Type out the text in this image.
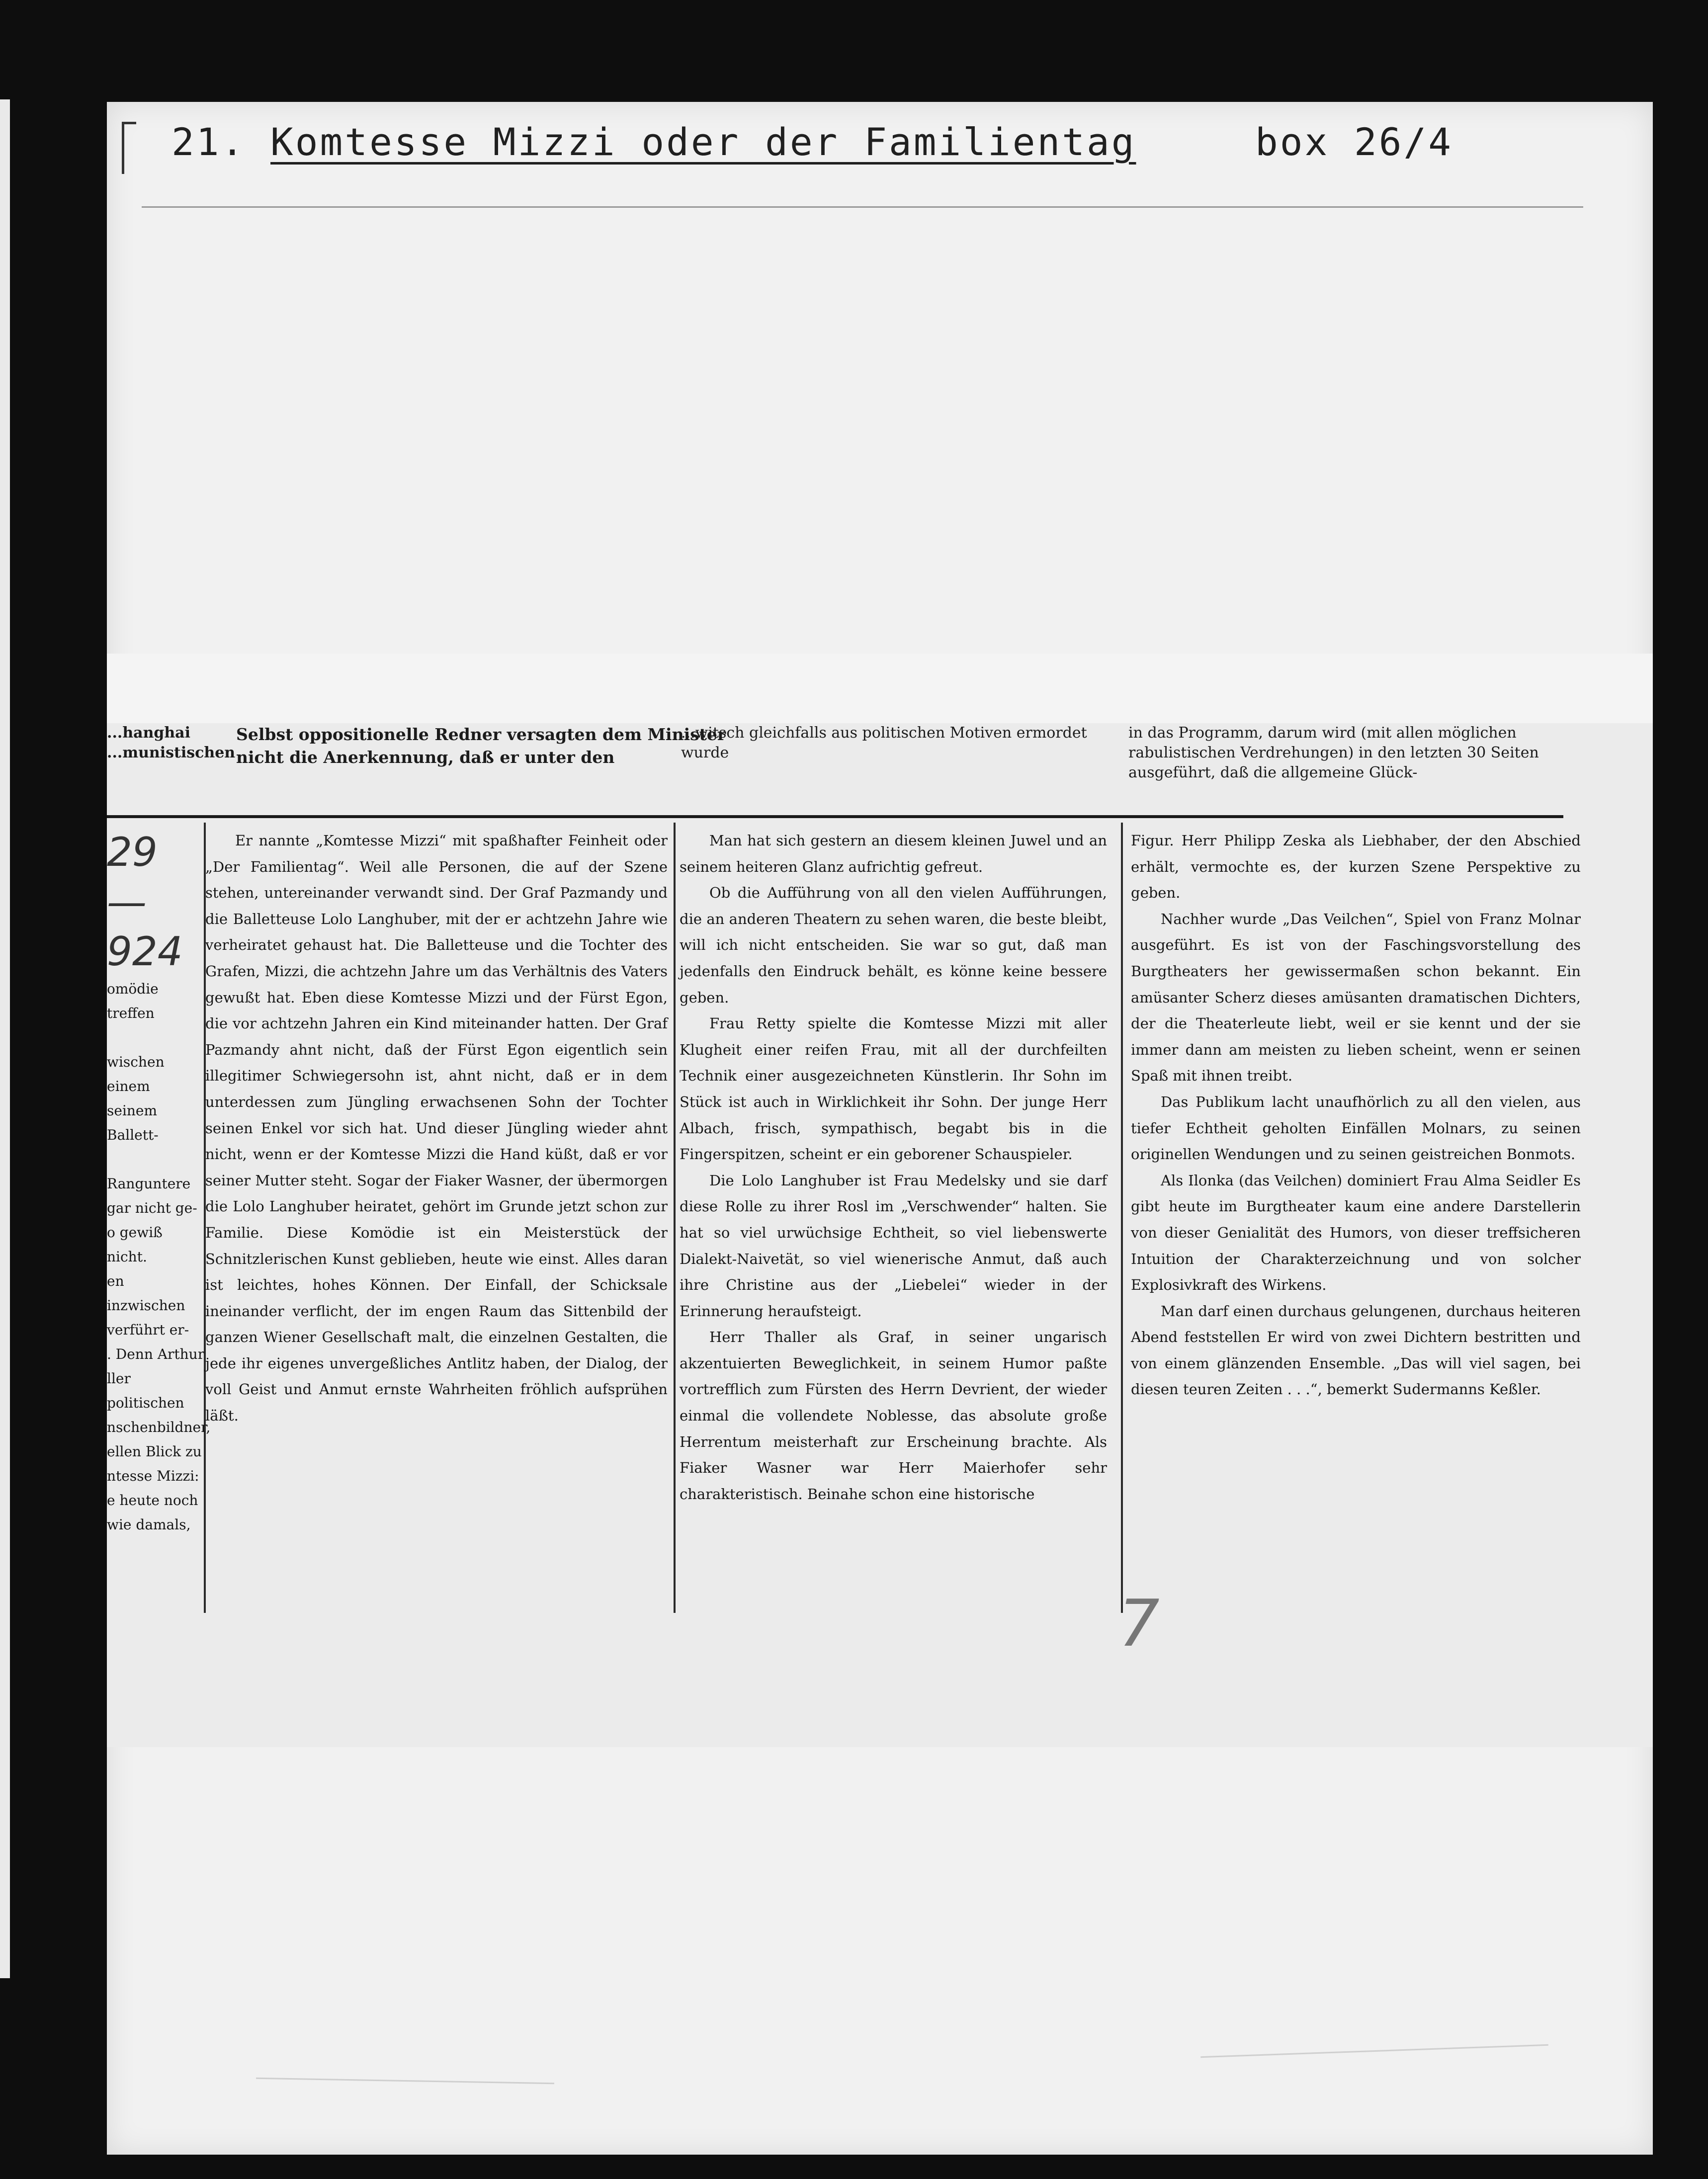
21. Komtesse Mizzi oder der Familientag	box 26/4
...hanghai
...munistischen
Selbst oppositionelle Redner versagten dem Minister nicht die Anerkennung, daß er unter den
...witsch gleichfalls aus politischen Motiven ermordet wurde
in das Programm, darum wird (mit allen möglichen rabulistischen Verdrehungen) in den letzten 30 Seiten ausgeführt, daß die allgemeine Glück-
29
—
924
omödie treffen

wischen einem
seinem Ballett-

Ranguntere
gar nicht ge-
o gewiß nicht.
en inzwischen
verführt er-
. Denn Arthur
ller politischen
nschenbildner,
ellen Blick zu
ntesse Mizzi:
e heute noch
wie damals,

Er nannte „Komtesse Mizzi“ mit spaßhafter Feinheit oder „Der Familientag“. Weil alle Personen, die auf der Szene stehen, untereinander verwandt sind. Der Graf Pazmandy und die Balletteuse Lolo Langhuber, mit der er achtzehn Jahre wie verheiratet gehaust hat. Die Balletteuse und die Tochter des Grafen, Mizzi, die achtzehn Jahre um das Verhältnis des Vaters gewußt hat. Eben diese Komtesse Mizzi und der Fürst Egon, die vor achtzehn Jahren ein Kind miteinander hatten. Der Graf Pazmandy ahnt nicht, daß der Fürst Egon eigentlich sein illegitimer Schwiegersohn ist, ahnt nicht, daß er in dem unterdessen zum Jüngling erwachsenen Sohn der Tochter seinen Enkel vor sich hat. Und dieser Jüngling wieder ahnt nicht, wenn er der Komtesse Mizzi die Hand küßt, daß er vor seiner Mutter steht. Sogar der Fiaker Wasner, der übermorgen die Lolo Langhuber heiratet, gehört im Grunde jetzt schon zur Familie. Diese Komödie ist ein Meisterstück der Schnitzlerischen Kunst geblieben, heute wie einst. Alles daran ist leichtes, hohes Können. Der Einfall, der Schicksale ineinander verflicht, der im engen Raum das Sittenbild der ganzen Wiener Gesellschaft malt, die einzelnen Gestalten, die jede ihr eigenes unvergeßliches Antlitz haben, der Dialog, der voll Geist und Anmut ernste Wahrheiten fröhlich aufsprühen läßt.

Man hat sich gestern an diesem kleinen Juwel und an seinem heiteren Glanz aufrichtig gefreut.

Ob die Aufführung von all den vielen Aufführungen, die an anderen Theatern zu sehen waren, die beste bleibt, will ich nicht entscheiden. Sie war so gut, daß man jedenfalls den Eindruck behält, es könne keine bessere geben.

Frau Retty spielte die Komtesse Mizzi mit aller Klugheit einer reifen Frau, mit all der durchfeilten Technik einer ausgezeichneten Künstlerin. Ihr Sohn im Stück ist auch in Wirklichkeit ihr Sohn. Der junge Herr Albach, frisch, sympathisch, begabt bis in die Fingerspitzen, scheint er ein geborener Schauspieler.

Die Lolo Langhuber ist Frau Medelsky und sie darf diese Rolle zu ihrer Rosl im „Verschwender“ halten. Sie hat so viel urwüchsige Echtheit, so viel liebenswerte Dialekt-Naivetät, so viel wienerische Anmut, daß auch ihre Christine aus der „Liebelei“ wieder in der Erinnerung heraufsteigt.

Herr Thaller als Graf, in seiner ungarisch akzentuierten Beweglichkeit, in seinem Humor paßte vortrefflich zum Fürsten des Herrn Devrient, der wieder einmal die vollendete Noblesse, das absolute große Herrentum meisterhaft zur Erscheinung brachte. Als Fiaker Wasner war Herr Maierhofer sehr charakteristisch. Beinahe schon eine historische

Figur. Herr Philipp Zeska als Liebhaber, der den Abschied erhält, vermochte es, der kurzen Szene Perspektive zu geben.

Nachher wurde „Das Veilchen“, Spiel von Franz Molnar ausgeführt. Es ist von der Faschingsvorstellung des Burgtheaters her gewissermaßen schon bekannt. Ein amüsanter Scherz dieses amüsanten dramatischen Dichters, der die Theaterleute liebt, weil er sie kennt und der sie immer dann am meisten zu lieben scheint, wenn er seinen Spaß mit ihnen treibt.

Das Publikum lacht unaufhörlich zu all den vielen, aus tiefer Echtheit geholten Einfällen Molnars, zu seinen originellen Wendungen und zu seinen geistreichen Bonmots.

Als Ilonka (das Veilchen) dominiert Frau Alma Seidler Es gibt heute im Burgtheater kaum eine andere Darstellerin von dieser Genialität des Humors, von dieser treffsicheren Intuition der Charakterzeichnung und von solcher Explosivkraft des Wirkens.

Man darf einen durchaus gelungenen, durchaus heiteren Abend feststellen Er wird von zwei Dichtern bestritten und von einem glänzenden Ensemble. „Das will viel sagen, bei diesen teuren Zeiten . . .“, bemerkt Sudermanns Keßler.

7
